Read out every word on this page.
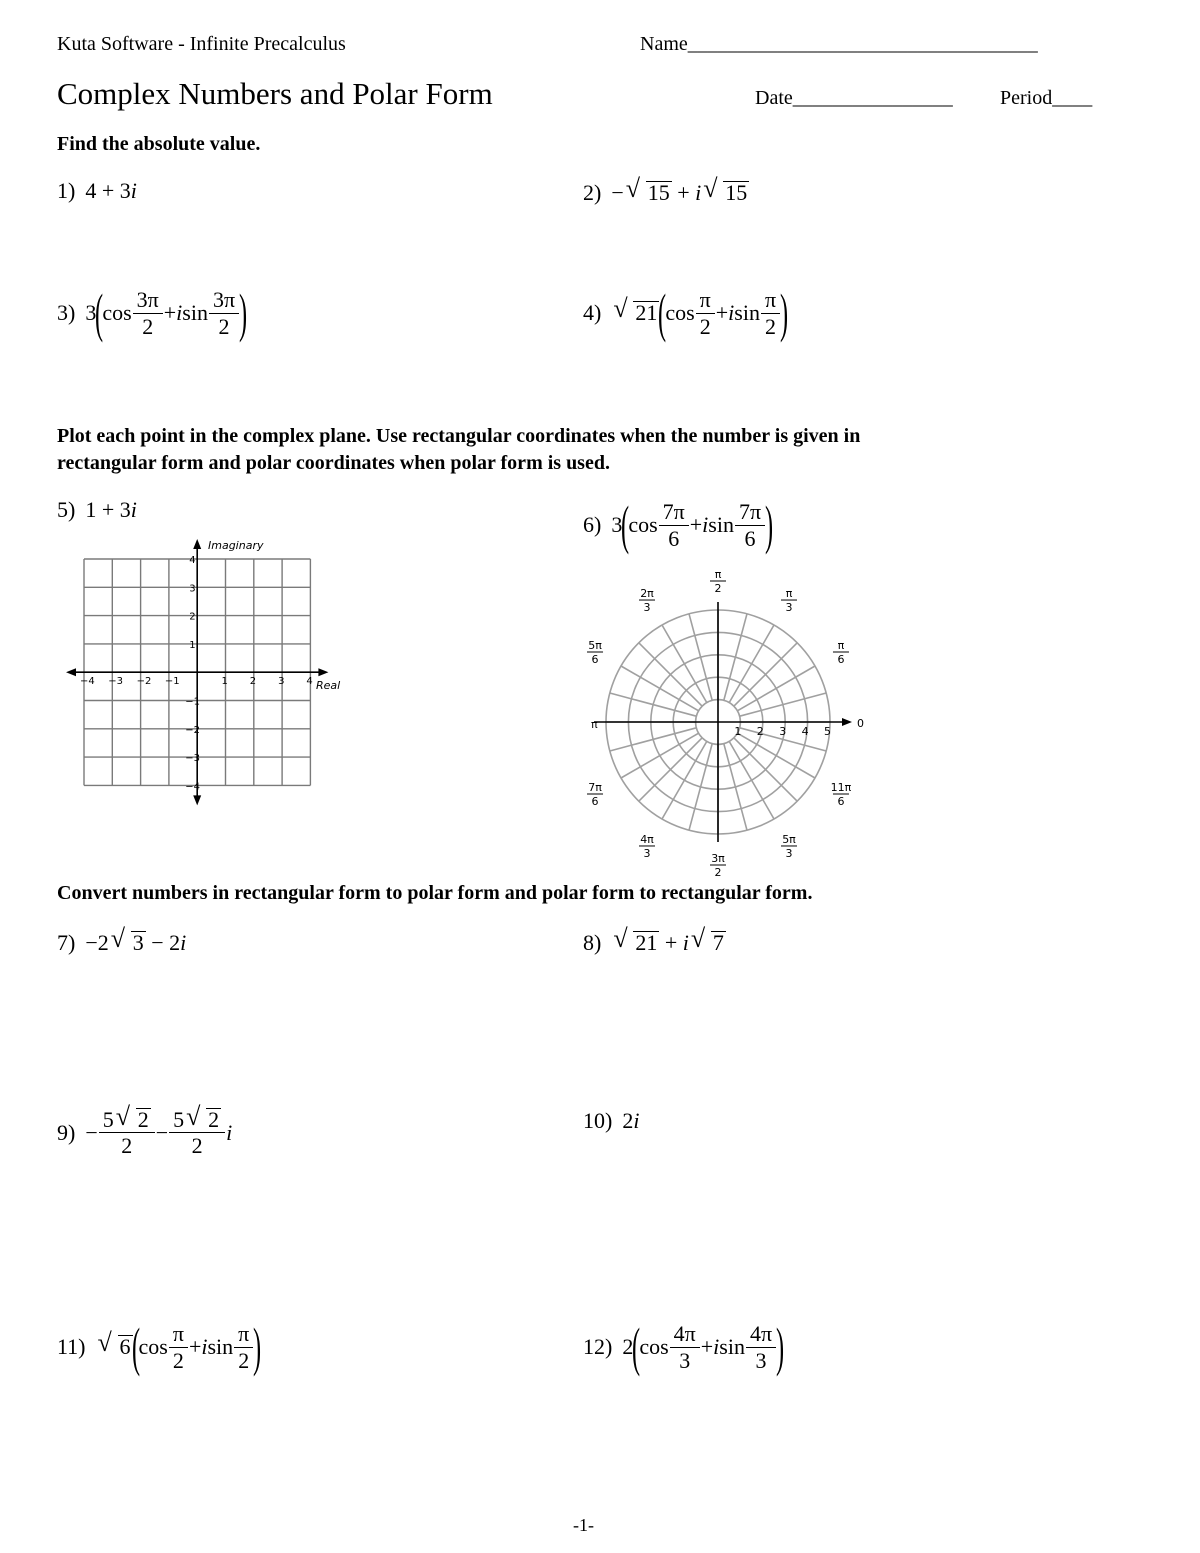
Kuta Software - Infinite Precalculus	Name___________________________________
Complex Numbers and Polar Form	Date________________ Period____
Find the absolute value.
1) 4 + 3i	2) − √ 15 + i √ 15
3) $3(\cos \frac{3\pi}{2} +isin \frac{3\pi}{2}$ )	4) √ $21(\cos \frac{\pi}{2} +isin \frac{\pi}{2}$ )
Plot each point in the complex plane. Use rectangular coordinates when the number is given in
rectangular form and polar coordinates when polar form is used.
5) 1 + 3i
6) $3(\cos \frac{7\pi}{6} +isin \frac{7\pi}{6}$ )
−4 −3 −2 −1	1 2 3 4
4
3
2
1
−1
−2
−3
−4
Imaginary
Real
1 2 3 4 5
π
6
π
3
π
2
2π
3
5π
6
7π
6
4π
3	3π
2
5π
3
11π
6
0
π
Convert numbers in rectangular form to polar form and polar form to rectangular form.
7) −2 √ 3 − 2i	8) √ 21 + i √ 7
$9) - \frac{5 √ 2}{2} - \frac{5 √ 2}{2}$ i	10) 2i
11) √ $6(\cos \frac{\pi}{2} +isin \frac{\pi}{2}$ )	12) $2(\cos \frac{4\pi}{3} +isin \frac{4\pi}{3}$ )
-1-
